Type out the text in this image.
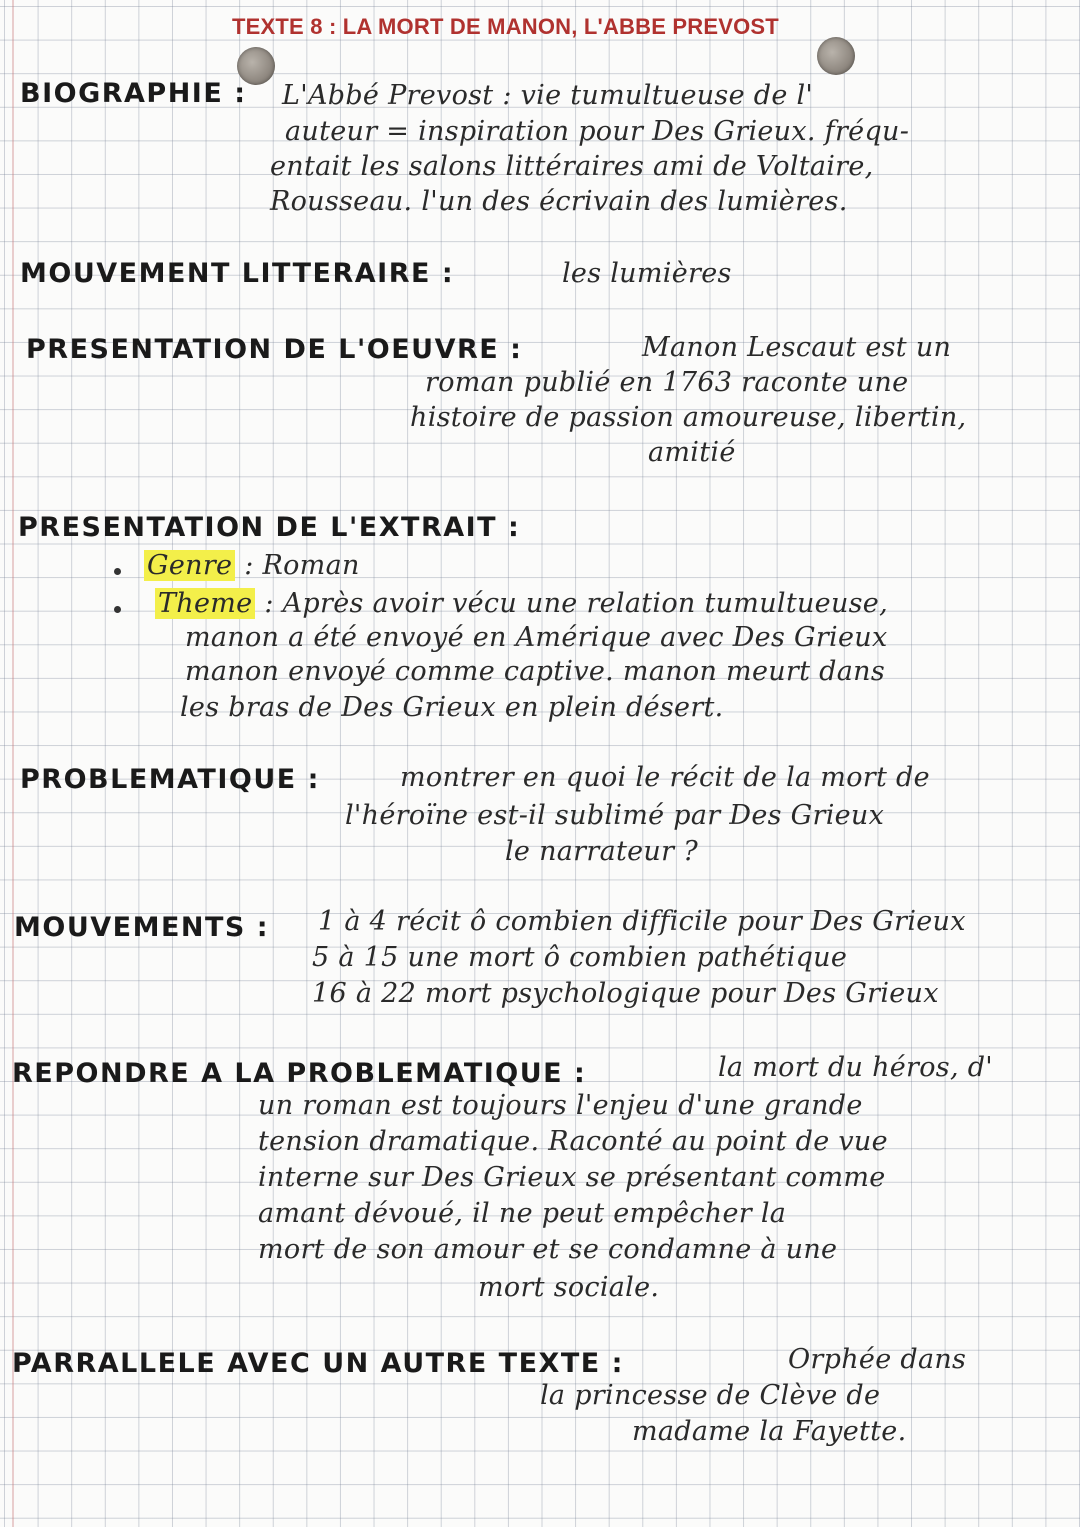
TEXTE 8 : LA MORT DE MANON, L'ABBE PREVOST
BIOGRAPHIE : L'Abbé Prevost : vie tumultueuse de l'
auteur = inspiration pour Des Grieux. fréqu-
entait les salons littéraires ami de Voltaire,
Rousseau. l'un des écrivain des lumières.
MOUVEMENT LITTERAIRE :	les lumières
PRESENTATION DE L'OEUVRE :	Manon Lescaut est un
roman publié en 1763 raconte une
histoire de passion amoureuse, libertin,
amitié
PRESENTATION DE L'EXTRAIT :
Genre : Roman
Theme : Après avoir vécu une relation tumultueuse,
manon a été envoyé en Amérique avec Des Grieux
manon envoyé comme captive. manon meurt dans
les bras de Des Grieux en plein désert.
PROBLEMATIQUE :	montrer en quoi le récit de la mort de
l'héroïne est-il sublimé par Des Grieux
le narrateur ?
MOUVEMENTS : 1 à 4 récit ô combien difficile pour Des Grieux
5 à 15 une mort ô combien pathétique
16 à 22 mort psychologique pour Des Grieux
REPONDRE A LA PROBLEMATIQUE :	la mort du héros, d'
un roman est toujours l'enjeu d'une grande
tension dramatique. Raconté au point de vue
interne sur Des Grieux se présentant comme
amant dévoué, il ne peut empêcher la
mort de son amour et se condamne à une
mort sociale.
PARRALLELE AVEC UN AUTRE TEXTE :	Orphée dans
la princesse de Clève de
madame la Fayette.
